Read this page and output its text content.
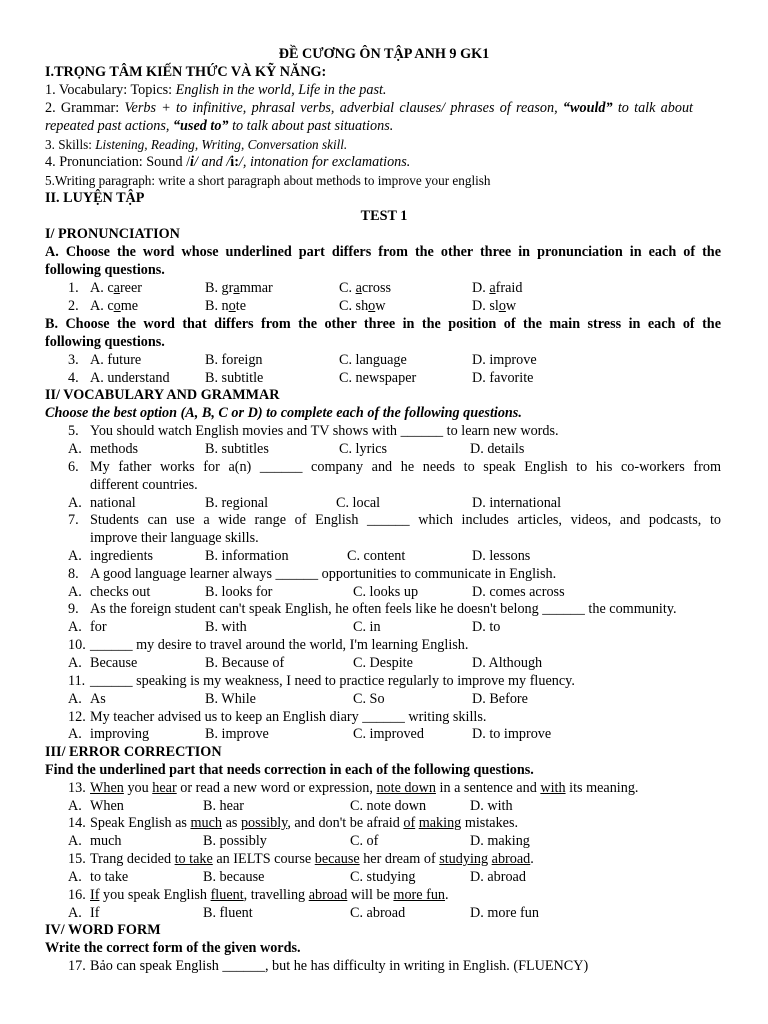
ĐỀ CƯƠNG ÔN TẬP ANH 9 GK1
I.TRỌNG TÂM KIẾN THỨC VÀ KỸ NĂNG:
1. Vocabulary: Topics: English in the world, Life in the past.
2. Grammar: Verbs + to infinitive, phrasal verbs, adverbial clauses/ phrases of reason, “would” to talk about
repeated past actions, “used to” to talk about past situations.
3. Skills: Listening, Reading, Writing, Conversation skill.
4. Pronunciation: Sound /i/ and /i:/, intonation for exclamations.
5.Writing paragraph: write a short paragraph about methods to improve your english
II. LUYỆN TẬP
TEST 1
I/ PRONUNCIATION
A. Choose the word whose underlined part differs from the other three in pronunciation in each of the
following questions.
1. A. career	B. grammar	C. across	D. afraid
2. A. come	B. note	C. show	D. slow
B. Choose the word that differs from the other three in the position of the main stress in each of the
following questions.
3. A. future	B. foreign	C. language	D. improve
4. A. understand B. subtitle	C. newspaper	D. favorite
II/ VOCABULARY AND GRAMMAR
Choose the best option (A, B, C or D) to complete each of the following questions.
5. You should watch English movies and TV shows with ______ to learn new words.
A. methods	B. subtitles	C. lyrics	D. details
6. My father works for a(n) ______ company and he needs to speak English to his co-workers from
different countries.
A. national	B. regional	C. local	D. international
7. Students can use a wide range of English ______ which includes articles, videos, and podcasts, to
improve their language skills.
A. ingredients	B. information	C. content	D. lessons
8. A good language learner always ______ opportunities to communicate in English.
A. checks out	B. looks for	C. looks up	D. comes across
9. As the foreign student can't speak English, he often feels like he doesn't belong ______ the community.
A. for	B. with	C. in	D. to
10. ______ my desire to travel around the world, I'm learning English.
A. Because	B. Because of	C. Despite	D. Although
11. ______ speaking is my weakness, I need to practice regularly to improve my fluency.
A. As	B. While	C. So	D. Before
12. My teacher advised us to keep an English diary ______ writing skills.
A. improving	B. improve	C. improved	D. to improve
III/ ERROR CORRECTION
Find the underlined part that needs correction in each of the following questions.
13. When you hear or read a new word or expression, note down in a sentence and with its meaning.
A. When	B. hear	C. note down	D. with
14. Speak English as much as possibly, and don't be afraid of making mistakes.
A. much	B. possibly	C. of	D. making
15. Trang decided to take an IELTS course because her dream of studying abroad.
A. to take	B. because	C. studying	D. abroad
16. If you speak English fluent, travelling abroad will be more fun.
A. If	B. fluent	C. abroad	D. more fun
IV/ WORD FORM
Write the correct form of the given words.
17. Bảo can speak English ______, but he has difficulty in writing in English. (FLUENCY)
